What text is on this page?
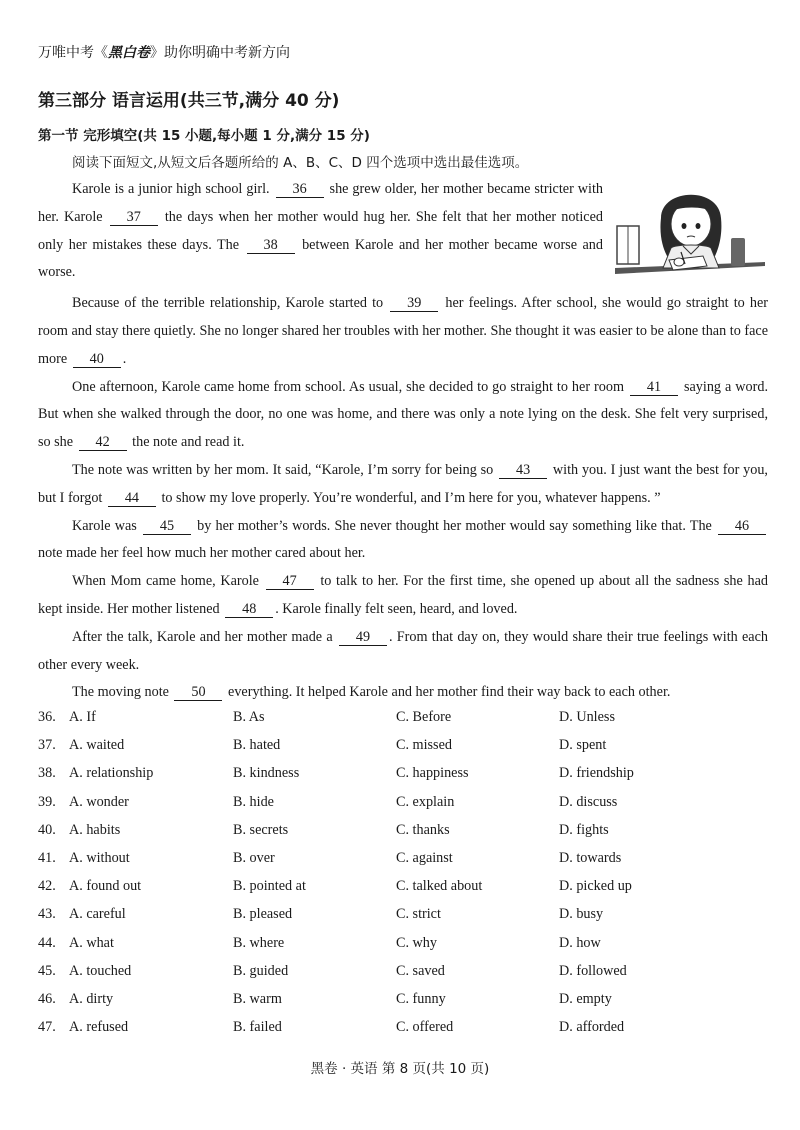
万唯中考《黑白卷》助你明确中考新方向
第三部分 语言运用(共三节,满分 40 分)
第一节 完形填空(共 15 小题,每小题 1 分,满分 15 分)
阅读下面短文,从短文后各题所给的 A、B、C、D 四个选项中选出最佳选项。

Karole is a junior high school girl. 36 she grew older, her mother became stricter with her. Karole 37 the days when her mother would hug her. She felt that her mother noticed only her mistakes these days. The 38 between Karole and her mother became worse and worse.

Because of the terrible relationship, Karole started to 39 her feelings. After school, she would go straight to her room and stay there quietly. She no longer shared her troubles with her mother. She thought it was easier to be alone than to face more 40 .

One afternoon, Karole came home from school. As usual, she decided to go straight to her room 41 saying a word. But when she walked through the door, no one was home, and there was only a note lying on the desk. She felt very surprised, so she 42 the note and read it.

The note was written by her mom. It said, “Karole, I’m sorry for being so 43 with you. I just want the best for you, but I forgot 44 to show my love properly. You’re wonderful, and I’m here for you, whatever happens. ”

Karole was 45 by her mother’s words. She never thought her mother would say something like that. The 46 note made her feel how much her mother cared about her.

When Mom came home, Karole 47 to talk to her. For the first time, she opened up about all the sadness she had kept inside. Her mother listened 48 . Karole finally felt seen, heard, and loved.

After the talk, Karole and her mother made a 49 . From that day on, they would share their true feelings with each other every week.

The moving note 50 everything. It helped Karole and her mother find their way back to each other.

36. A. If	B. As	C. Before	D. Unless
37. A. waited	B. hated	C. missed	D. spent
38. A. relationship	B. kindness	C. happiness	D. friendship
39. A. wonder	B. hide	C. explain	D. discuss
40. A. habits	B. secrets	C. thanks	D. fights
41. A. without	B. over	C. against	D. towards
42. A. found out	B. pointed at	C. talked about	D. picked up
43. A. careful	B. pleased	C. strict	D. busy
44. A. what	B. where	C. why	D. how
45. A. touched	B. guided	C. saved	D. followed
46. A. dirty	B. warm	C. funny	D. empty
47. A. refused	B. failed	C. offered	D. afforded
黑卷 · 英语 第 8 页(共 10 页)
